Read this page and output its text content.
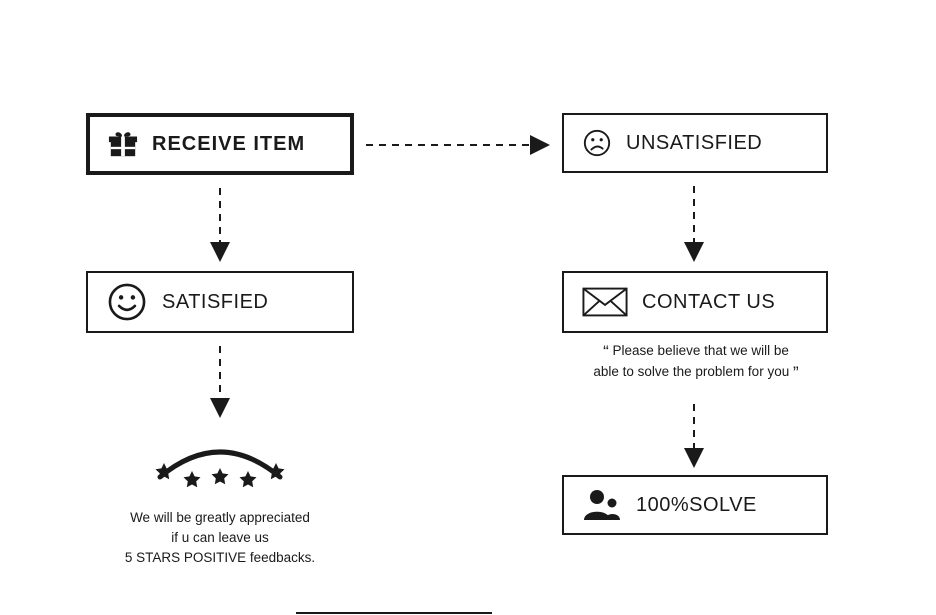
RECEIVE ITEM	UNSATISFIED
SATISFIED	CONTACT US
100%SOLVE
“ Please believe that we will be
able to solve the problem for you ”
We will be greatly appreciated
if u can leave us
5 STARS POSITIVE feedbacks.
